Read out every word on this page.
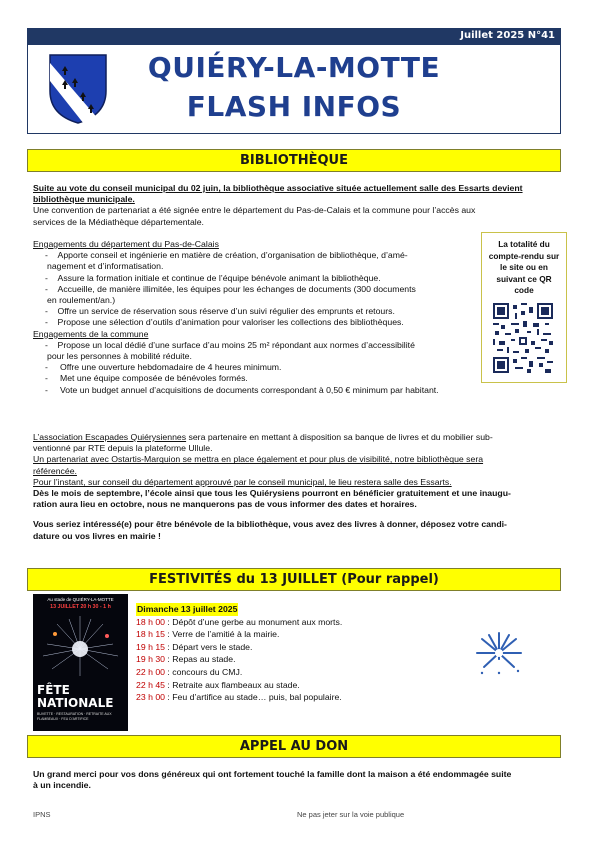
Juillet 2025 N°41
QUIÉRY-LA-MOTTE
FLASH INFOS
BIBLIOTHÈQUE
Suite au vote du conseil municipal du 02 juin, la bibliothèque associative située actuellement salle des Essarts devient
bibliothèque municipale.
Une convention de partenariat a été signée entre le département du Pas-de-Calais et la commune pour l’accès aux
services de la Médiathèque départementale.
Engagements du département du Pas-de-Calais
-    Apporte conseil et ingénierie en matière de création, d’organisation de bibliothèque, d’amé-
nagement et d’informatisation.
-    Assure la formation initiale et continue de l’équipe bénévole animant la bibliothèque.
-    Accueille, de manière illimitée, les équipes pour les échanges de documents (300 documents
en roulement/an.)
-    Offre un service de réservation sous réserve d’un suivi régulier des emprunts et retours.
-    Propose une sélection d’outils d’animation pour valoriser les collections des bibliothèques.
Engagements de la commune
-    Propose un local dédié d’une surface d’au moins 25 m² répondant aux normes d’accessibilité
pour les personnes à mobilité réduite.
-     Offre une ouverture hebdomadaire de 4 heures minimum.
-     Met une équipe composée de bénévoles formés.
-     Vote un budget annuel d’acquisitions de documents correspondant à 0,50 € minimum par habitant.
La totalité du compte-rendu sur le site ou en suivant ce QR code
L’association Escapades Quiérysiennes sera partenaire en mettant à disposition sa banque de livres et du mobilier sub-
ventionné par RTE depuis la plateforme Ullule.
Un partenariat avec Ostartis-Marquion se mettra en place également et pour plus de visibilité, notre bibliothèque sera
référencée.
Pour l’instant, sur conseil du département approuvé par le conseil municipal, le lieu restera salle des Essarts.
Dès le mois de septembre, l’école ainsi que tous les Quiérysiens pourront en bénéficier gratuitement et une inaugu-
ration aura lieu en octobre, nous ne manquerons pas de vous informer des dates et horaires.
Vous seriez intéressé(e) pour être bénévole de la bibliothèque, vous avez des livres à donner, déposez votre candi-
dature ou vos livres en mairie !
FESTIVITÉS du 13 JUILLET (Pour rappel)
Au stade de QUIÉRY-LA-MOTTE
13 JUILLET 20 h 30 - 1 h
FÊTE
NATIONALE
BUVETTE · RESTAURATION · RETRAITE AUX FLAMBEAUX · FEU D’ARTIFICE
Dimanche 13 juillet 2025
18 h 00 : Dépôt d’une gerbe au monument aux morts.
18 h 15 : Verre de l’amitié à la mairie.
19 h 15 : Départ vers le stade.
19 h 30 : Repas au stade.
22 h 00 : concours du CMJ.
22 h 45 : Retraite aux flambeaux au stade.
23 h 00 : Feu d’artifice au stade… puis, bal populaire.
APPEL AU DON
Un grand merci pour vos dons généreux qui ont fortement touché la famille dont la maison a été endommagée suite
à un incendie.
IPNS	Ne pas jeter sur la voie publique
